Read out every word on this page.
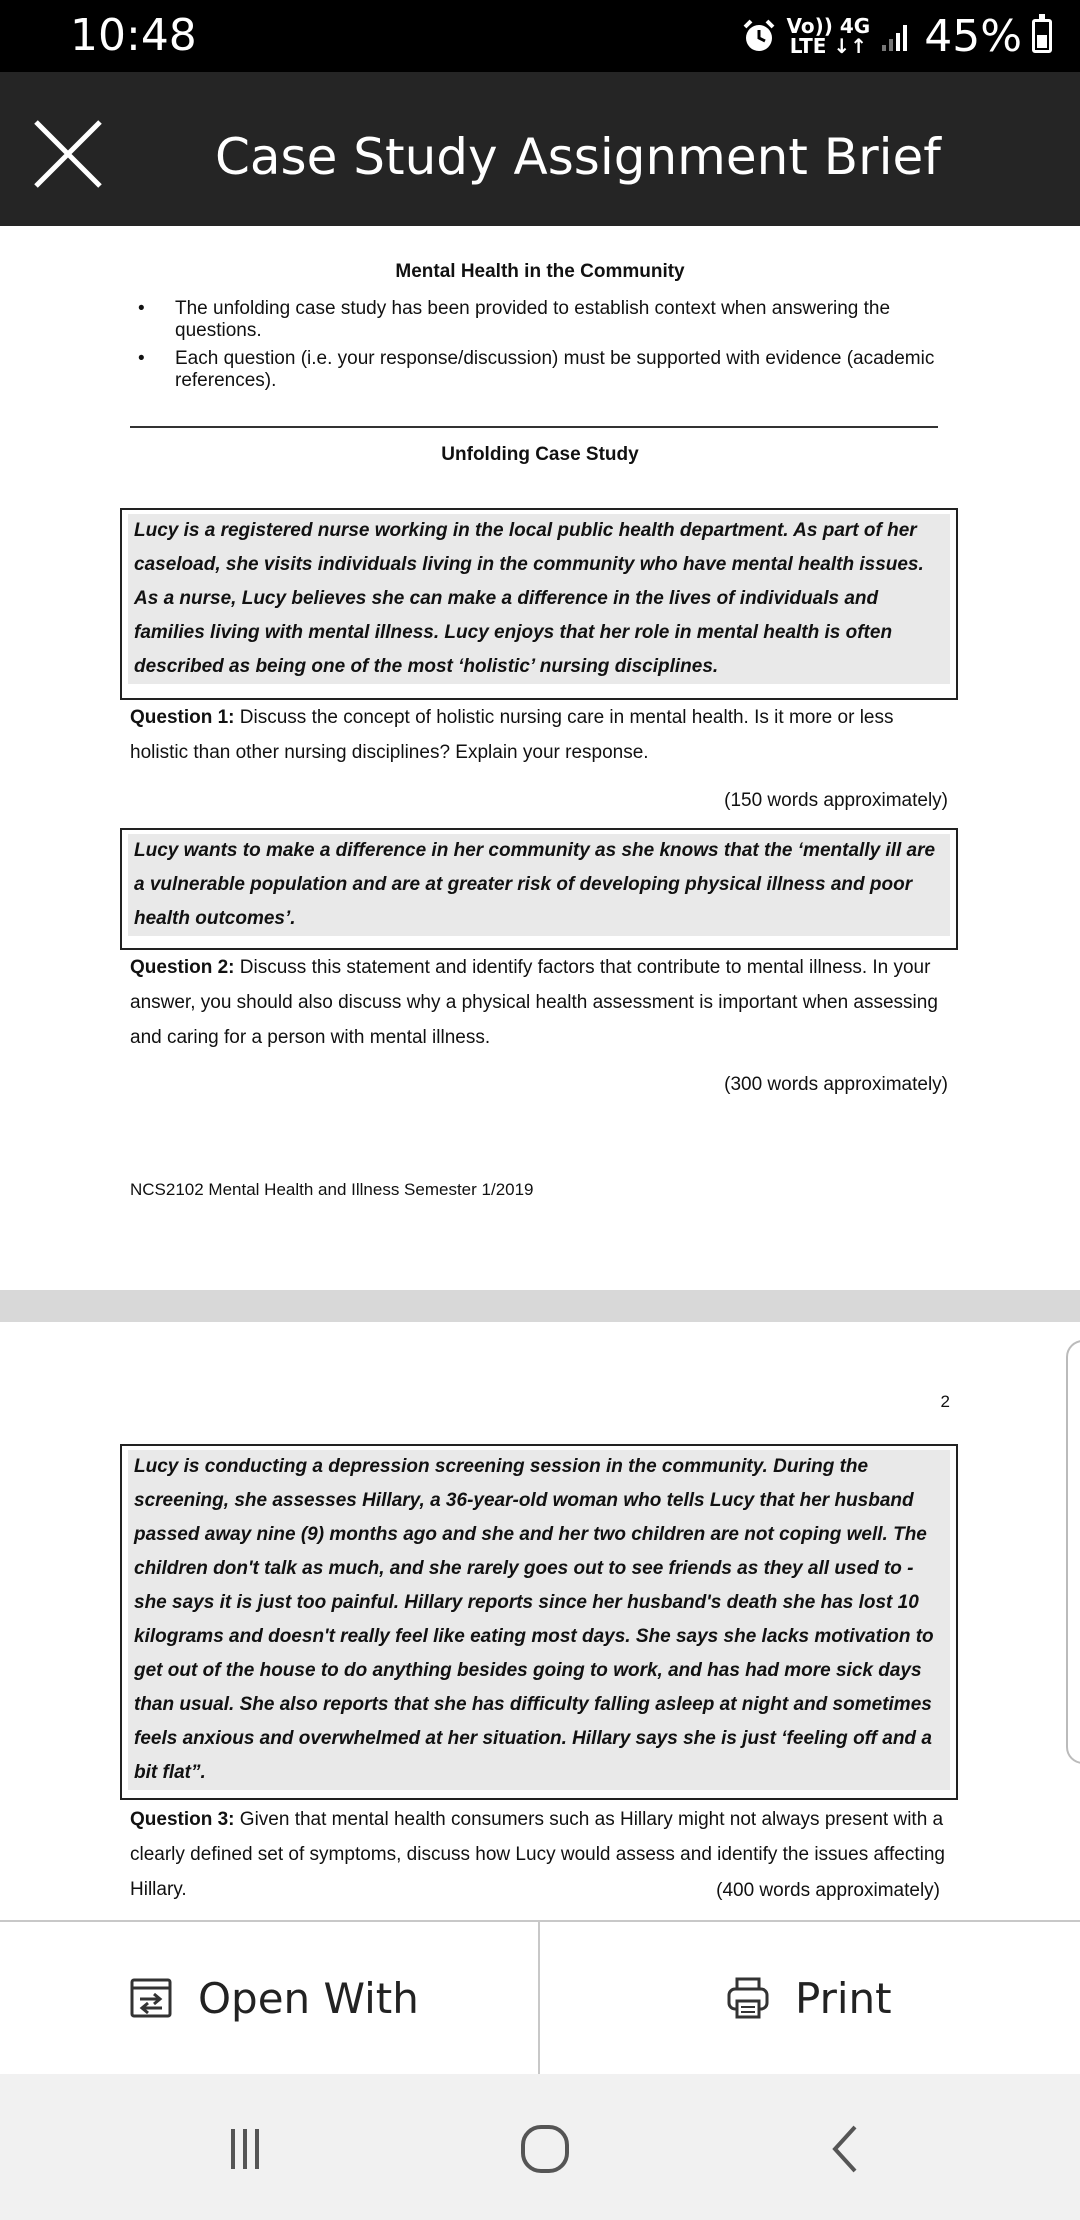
10:48	Vo)) 4G
LTE ↓↑ 45%
Case Study Assignment Brief
Mental Health in the Community
• The unfolding case study has been provided to establish context when answering the questions.
• Each question (i.e. your response/discussion) must be supported with evidence (academic references).
Unfolding Case Study
Lucy is a registered nurse working in the local public health department. As part of her caseload, she visits individuals living in the community who have mental health issues. As a nurse, Lucy believes she can make a difference in the lives of individuals and families living with mental illness. Lucy enjoys that her role in mental health is often described as being one of the most ‘holistic’ nursing disciplines.
Question 1: Discuss the concept of holistic nursing care in mental health. Is it more or less holistic than other nursing disciplines? Explain your response.
(150 words approximately)
Lucy wants to make a difference in her community as she knows that the ‘mentally ill are a vulnerable population and are at greater risk of developing physical illness and poor health outcomes’.
Question 2: Discuss this statement and identify factors that contribute to mental illness. In your answer, you should also discuss why a physical health assessment is important when assessing and caring for a person with mental illness.
(300 words approximately)
NCS2102 Mental Health and Illness Semester 1/2019
2
Lucy is conducting a depression screening session in the community. During the screening, she assesses Hillary, a 36-year-old woman who tells Lucy that her husband passed away nine (9) months ago and she and her two children are not coping well. The children don't talk as much, and she rarely goes out to see friends as they all used to - she says it is just too painful. Hillary reports since her husband's death she has lost 10 kilograms and doesn't really feel like eating most days. She says she lacks motivation to get out of the house to do anything besides going to work, and has had more sick days than usual. She also reports that she has difficulty falling asleep at night and sometimes feels anxious and overwhelmed at her situation. Hillary says she is just ‘feeling off and a bit flat”.
Question 3: Given that mental health consumers such as Hillary might not always present with a clearly defined set of symptoms, discuss how Lucy would assess and identify the issues affecting Hillary.	(400 words approximately)
Open With	Print
